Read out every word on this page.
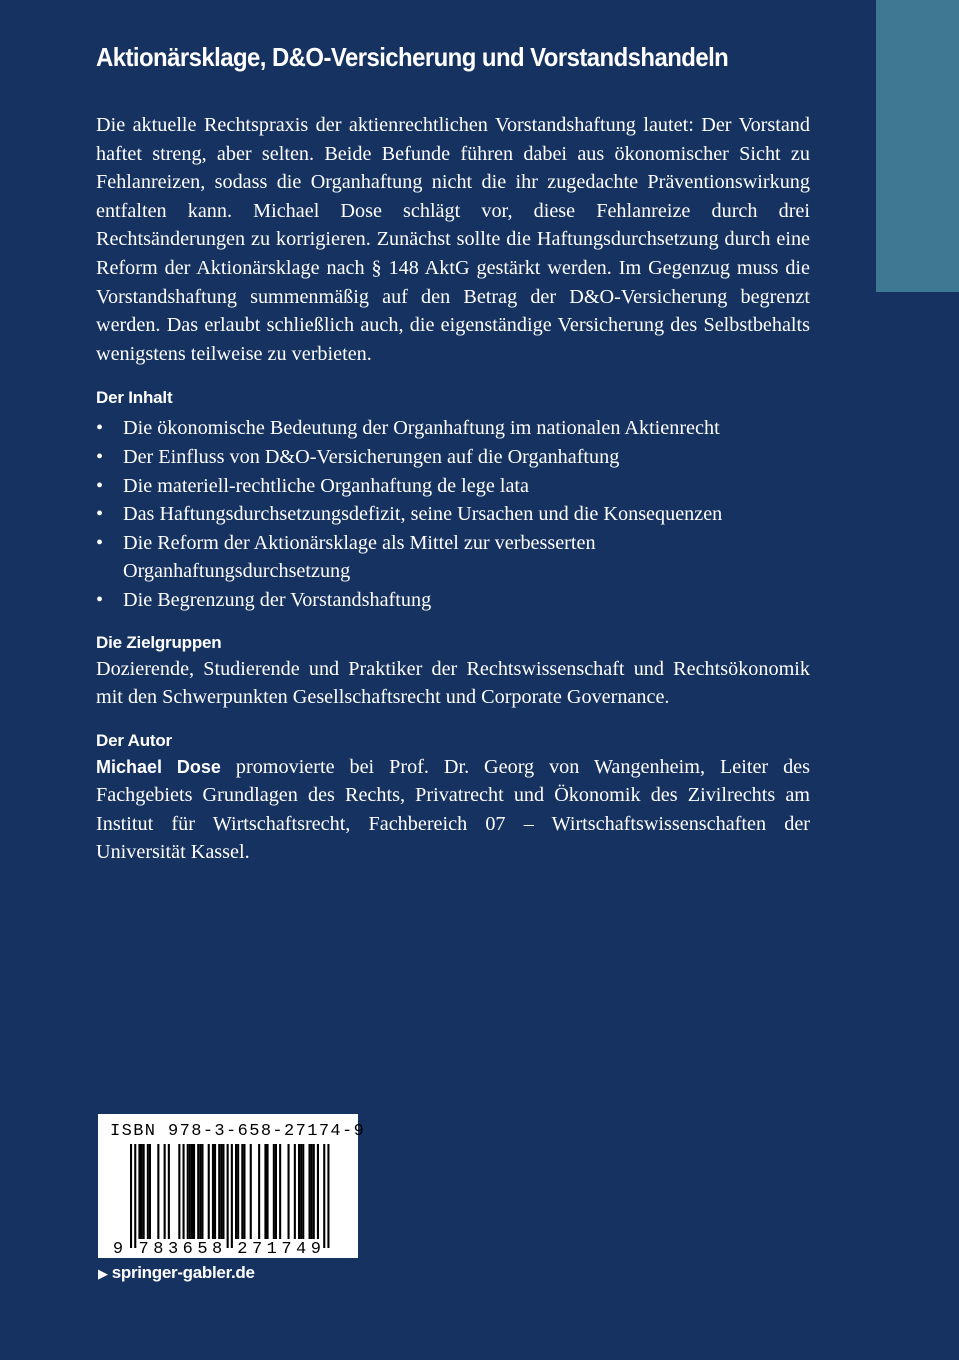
Aktionärsklage, D&O-Versicherung und Vorstandshandeln

Die aktuelle Rechtspraxis der aktienrechtlichen Vorstandshaftung lautet: Der Vorstand haftet streng, aber selten. Beide Befunde führen dabei aus ökonomischer Sicht zu Fehlanreizen, sodass die Organhaftung nicht die ihr zugedachte Präventionswirkung entfalten kann. Michael Dose schlägt vor, diese Fehlanreize durch drei Rechtsänderungen zu korrigieren. Zunächst sollte die Haftungsdurchsetzung durch eine Reform der Aktionärsklage nach § 148 AktG gestärkt werden. Im Gegenzug muss die Vorstandshaftung summenmäßig auf den Betrag der D&O-Versicherung begrenzt werden. Das erlaubt schließlich auch, die eigenständige Versicherung des Selbstbehalts wenigstens teilweise zu verbieten.

Der Inhalt
• Die ökonomische Bedeutung der Organhaftung im nationalen Aktienrecht
• Der Einfluss von D&O-Versicherungen auf die Organhaftung
• Die materiell-rechtliche Organhaftung de lege lata
• Das Haftungsdurchsetzungsdefizit, seine Ursachen und die Konsequenzen
• Die Reform der Aktionärsklage als Mittel zur verbesserten Organhaftungsdurchsetzung
• Die Begrenzung der Vorstandshaftung
Die Zielgruppen

Dozierende, Studierende und Praktiker der Rechtswissenschaft und Rechtsökonomik mit den Schwerpunkten Gesellschaftsrecht und Corporate Governance.

Der Autor

Michael Dose promovierte bei Prof. Dr. Georg von Wangenheim, Leiter des Fachgebiets Grundlagen des Rechts, Privatrecht und Ökonomik des Zivilrechts am Institut für Wirtschaftsrecht, Fachbereich 07 – Wirtschaftswissenschaften der Universität Kassel.

ISBN 978-3-658-27174-9
9 7 8 3 6 5 8 2 7 1 7 4 9
▶ springer-gabler.de
